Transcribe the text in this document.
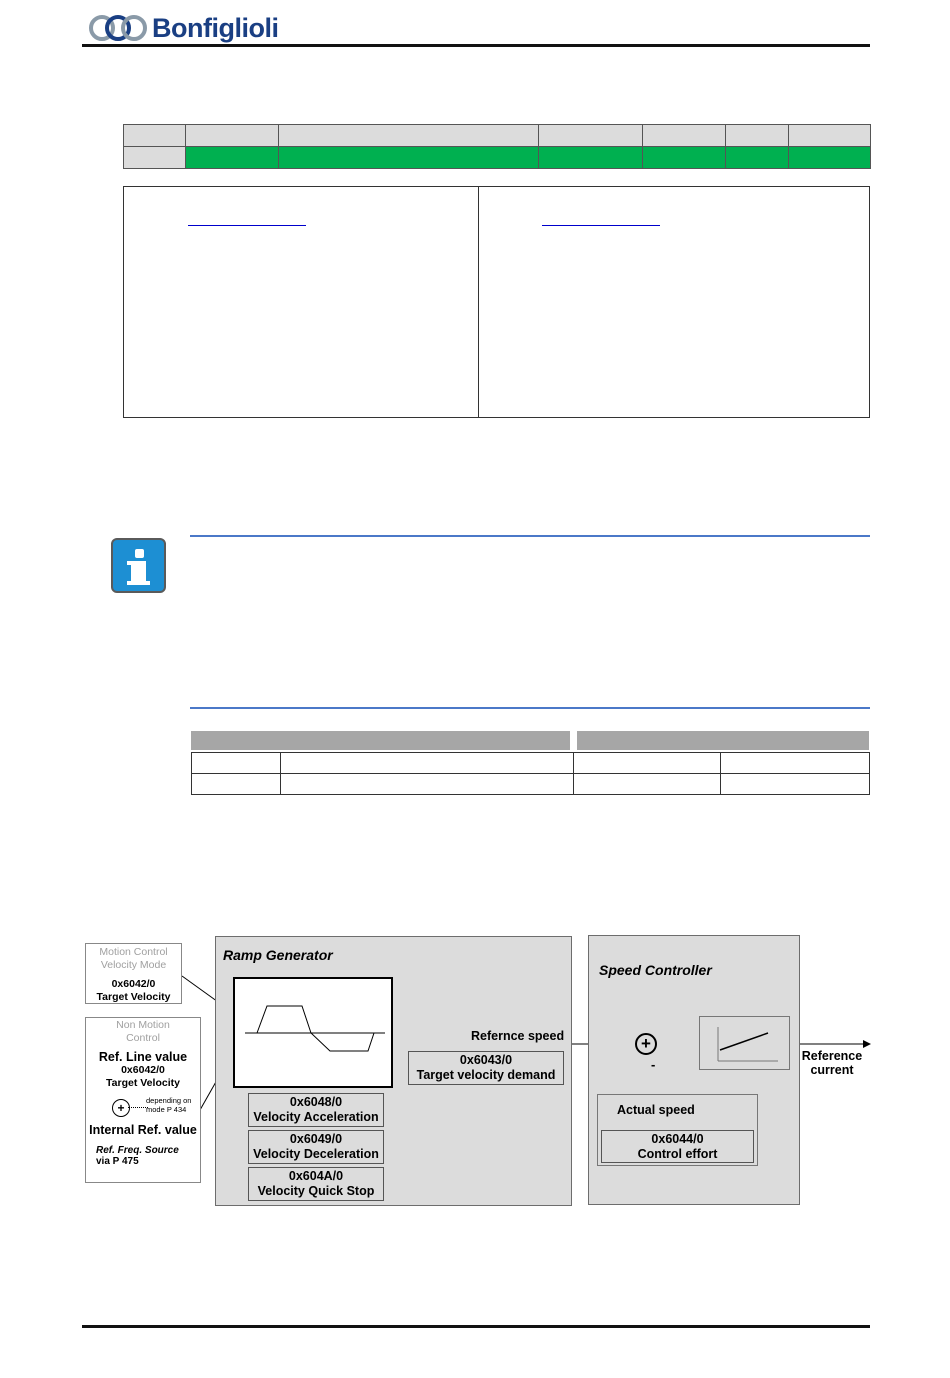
Bonfiglioli

Motion Control
Velocity Mode
0x6042/0
Target Velocity
Non Motion
Control
Ref. Line value
0x6042/0
Target Velocity
+
depending on
mode P 434
Internal Ref. value
Ref. Freq. Source
via P 475
Ramp Generator
0x6048/0
Velocity Acceleration
0x6049/0
Velocity Deceleration
0x604A/0
Velocity Quick Stop
0x6043/0
Target velocity demand
Refernce speed
Speed Controller
Actual speed
0x6044/0
Control effort
+
-
Reference
current
